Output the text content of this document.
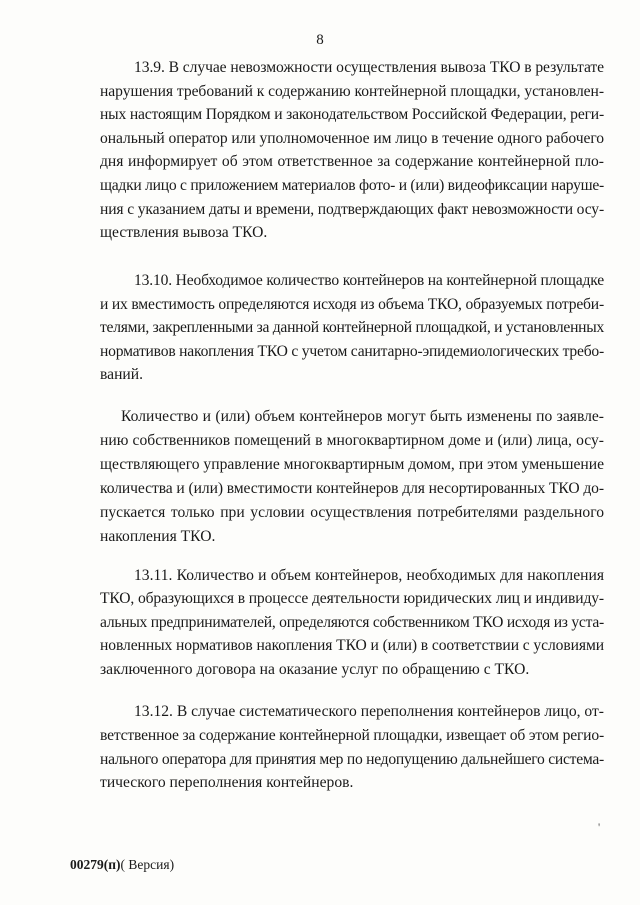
8
13.9. В случае невозможности осуществления вывоза ТКО в результате
нарушения требований к содержанию контейнерной площадки, установлен-
ных настоящим Порядком и законодательством Российской Федерации, реги-
ональный оператор или уполномоченное им лицо в течение одного рабочего
дня информирует об этом ответственное за содержание контейнерной пло-
щадки лицо с приложением материалов фото- и (или) видеофиксации наруше-
ния с указанием даты и времени, подтверждающих факт невозможности осу-
ществления вывоза ТКО.
13.10. Необходимое количество контейнеров на контейнерной площадке
и их вместимость определяются исходя из объема ТКО, образуемых потреби-
телями, закрепленными за данной контейнерной площадкой, и установленных
нормативов накопления ТКО с учетом санитарно-эпидемиологических требо-
ваний.
Количество и (или) объем контейнеров могут быть изменены по заявле-
нию собственников помещений в многоквартирном доме и (или) лица, осу-
ществляющего управление многоквартирным домом, при этом уменьшение
количества и (или) вместимости контейнеров для несортированных ТКО до-
пускается только при условии осуществления потребителями раздельного
накопления ТКО.
13.11. Количество и объем контейнеров, необходимых для накопления
ТКО, образующихся в процессе деятельности юридических лиц и индивиду-
альных предпринимателей, определяются собственником ТКО исходя из уста-
новленных нормативов накопления ТКО и (или) в соответствии с условиями
заключенного договора на оказание услуг по обращению с ТКО.
13.12. В случае систематического переполнения контейнеров лицо, от-
ветственное за содержание контейнерной площадки, извещает об этом регио-
нального оператора для принятия мер по недопущению дальнейшего система-
тического переполнения контейнеров.
00279(п)( Версия)
'
